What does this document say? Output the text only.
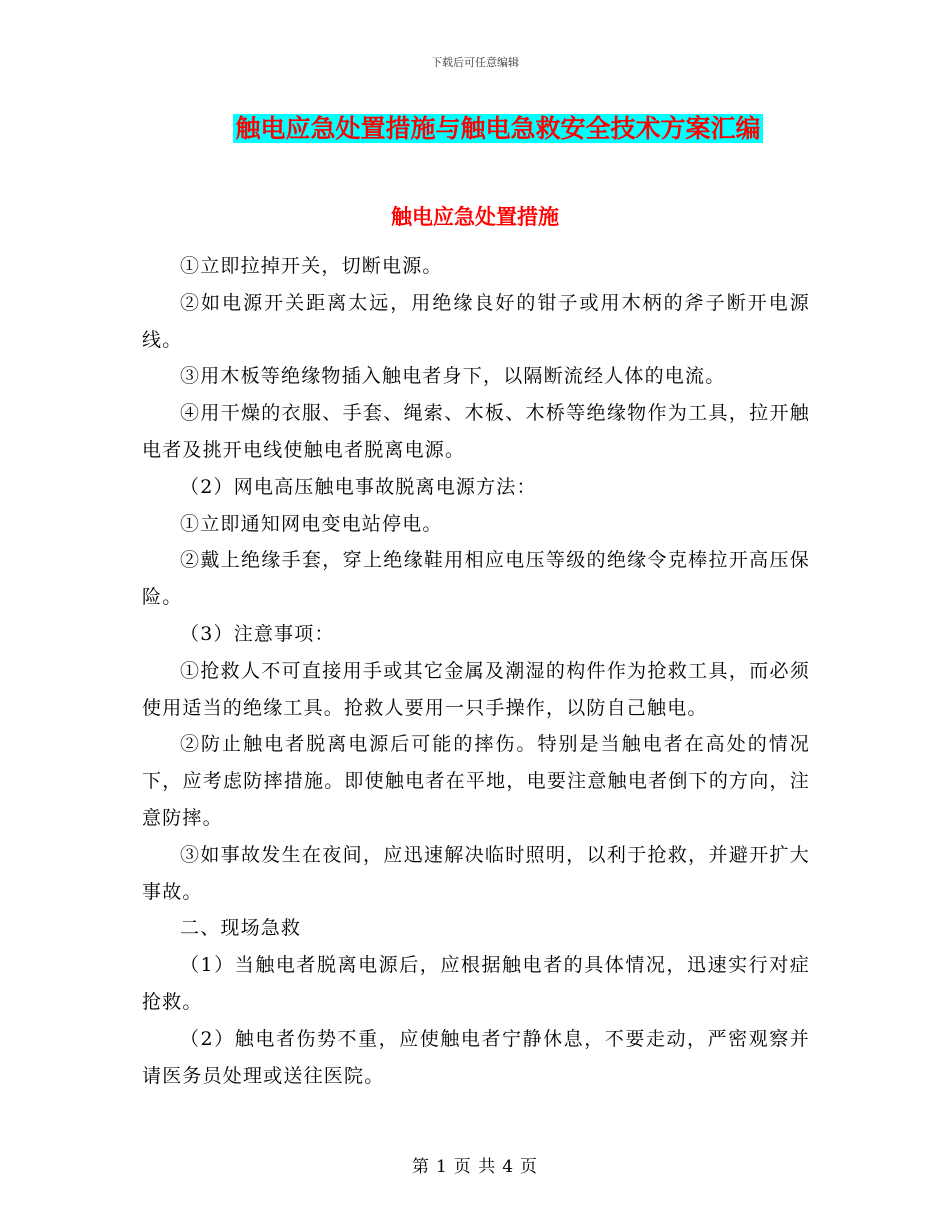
下载后可任意编辑
触电应急处置措施与触电急救安全技术方案汇编
触电应急处置措施

①立即拉掉开关，切断电源。

②如电源开关距离太远，用绝缘良好的钳子或用木柄的斧子断开电源线。

③用木板等绝缘物插入触电者身下，以隔断流经人体的电流。

④用干燥的衣服、手套、绳索、木板、木桥等绝缘物作为工具，拉开触电者及挑开电线使触电者脱离电源。

（2）网电高压触电事故脱离电源方法：

①立即通知网电变电站停电。

②戴上绝缘手套，穿上绝缘鞋用相应电压等级的绝缘令克棒拉开高压保险。

（3）注意事项：

①抢救人不可直接用手或其它金属及潮湿的构件作为抢救工具，而必须使用适当的绝缘工具。抢救人要用一只手操作，以防自己触电。

②防止触电者脱离电源后可能的摔伤。特别是当触电者在高处的情况下，应考虑防摔措施。即使触电者在平地，电要注意触电者倒下的方向，注意防摔。

③如事故发生在夜间，应迅速解决临时照明，以利于抢救，并避开扩大事故。

二、现场急救

（1）当触电者脱离电源后，应根据触电者的具体情况，迅速实行对症抢救。

（2）触电者伤势不重，应使触电者宁静休息，不要走动，严密观察并请医务员处理或送往医院。

第 1 页 共 4 页
